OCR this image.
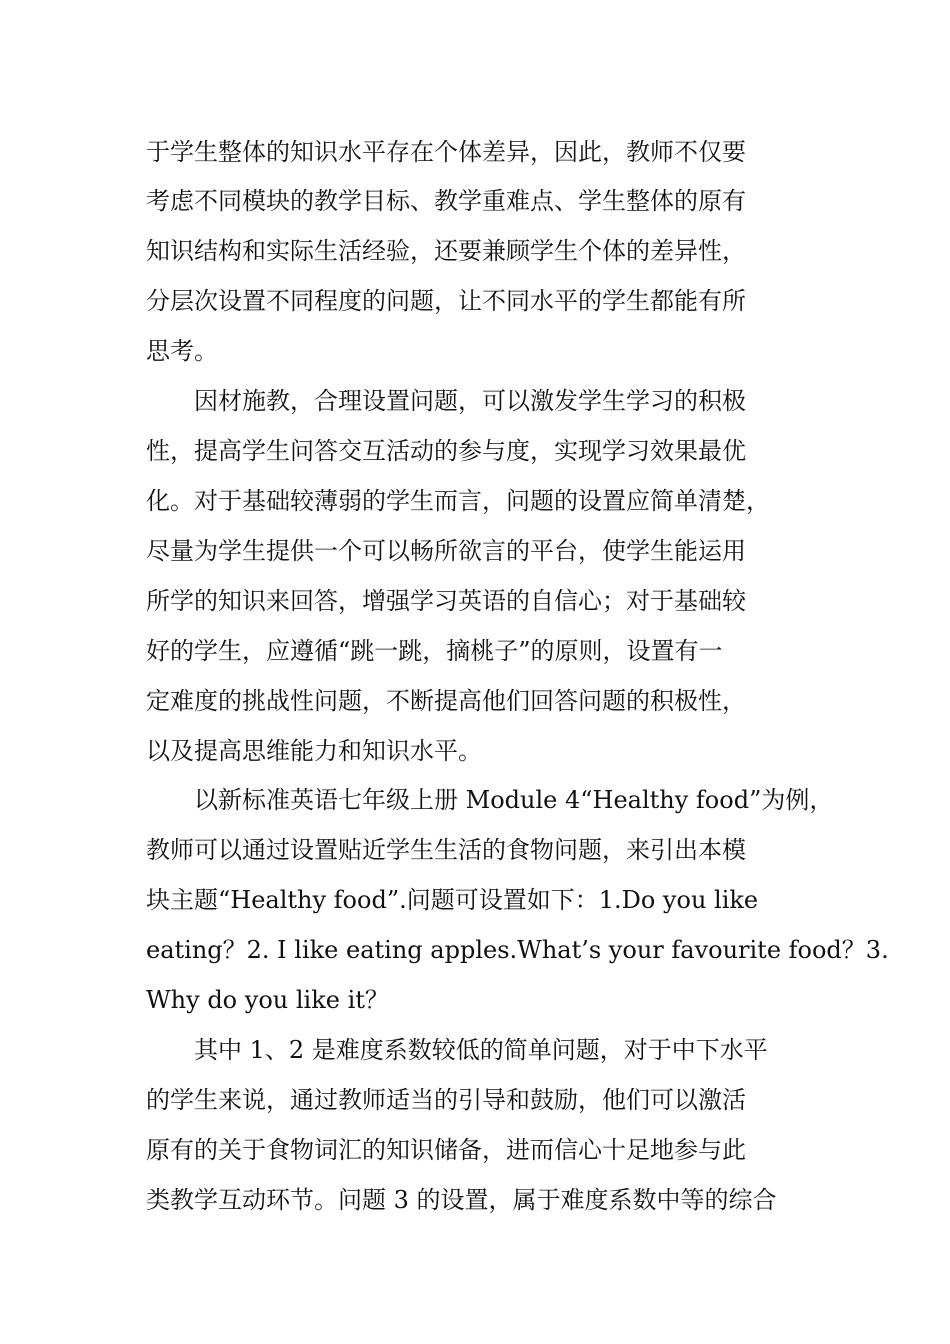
于学生整体的知识水平存在个体差异，因此，教师不仅要
考虑不同模块的教学目标、教学重难点、学生整体的原有
知识结构和实际生活经验，还要兼顾学生个体的差异性，
分层次设置不同程度的问题，让不同水平的学生都能有所
思考。
因材施教，合理设置问题，可以激发学生学习的积极
性，提高学生问答交互活动的参与度，实现学习效果最优
化。对于基础较薄弱的学生而言，问题的设置应简单清楚，
尽量为学生提供一个可以畅所欲言的平台，使学生能运用
所学的知识来回答，增强学习英语的自信心；对于基础较
好的学生，应遵循“跳一跳，摘桃子”的原则，设置有一
定难度的挑战性问题，不断提高他们回答问题的积极性，
以及提高思维能力和知识水平。
以新标准英语七年级上册 Module 4“Healthy food”为例，
教师可以通过设置贴近学生生活的食物问题，来引出本模
块主题“Healthy food”.问题可设置如下：1.Do you like
eating？2. I like eating apples.What’s your favourite food？3.
Why do you like it？
其中 1、2 是难度系数较低的简单问题，对于中下水平
的学生来说，通过教师适当的引导和鼓励，他们可以激活
原有的关于食物词汇的知识储备，进而信心十足地参与此
类教学互动环节。问题 3 的设置，属于难度系数中等的综合
